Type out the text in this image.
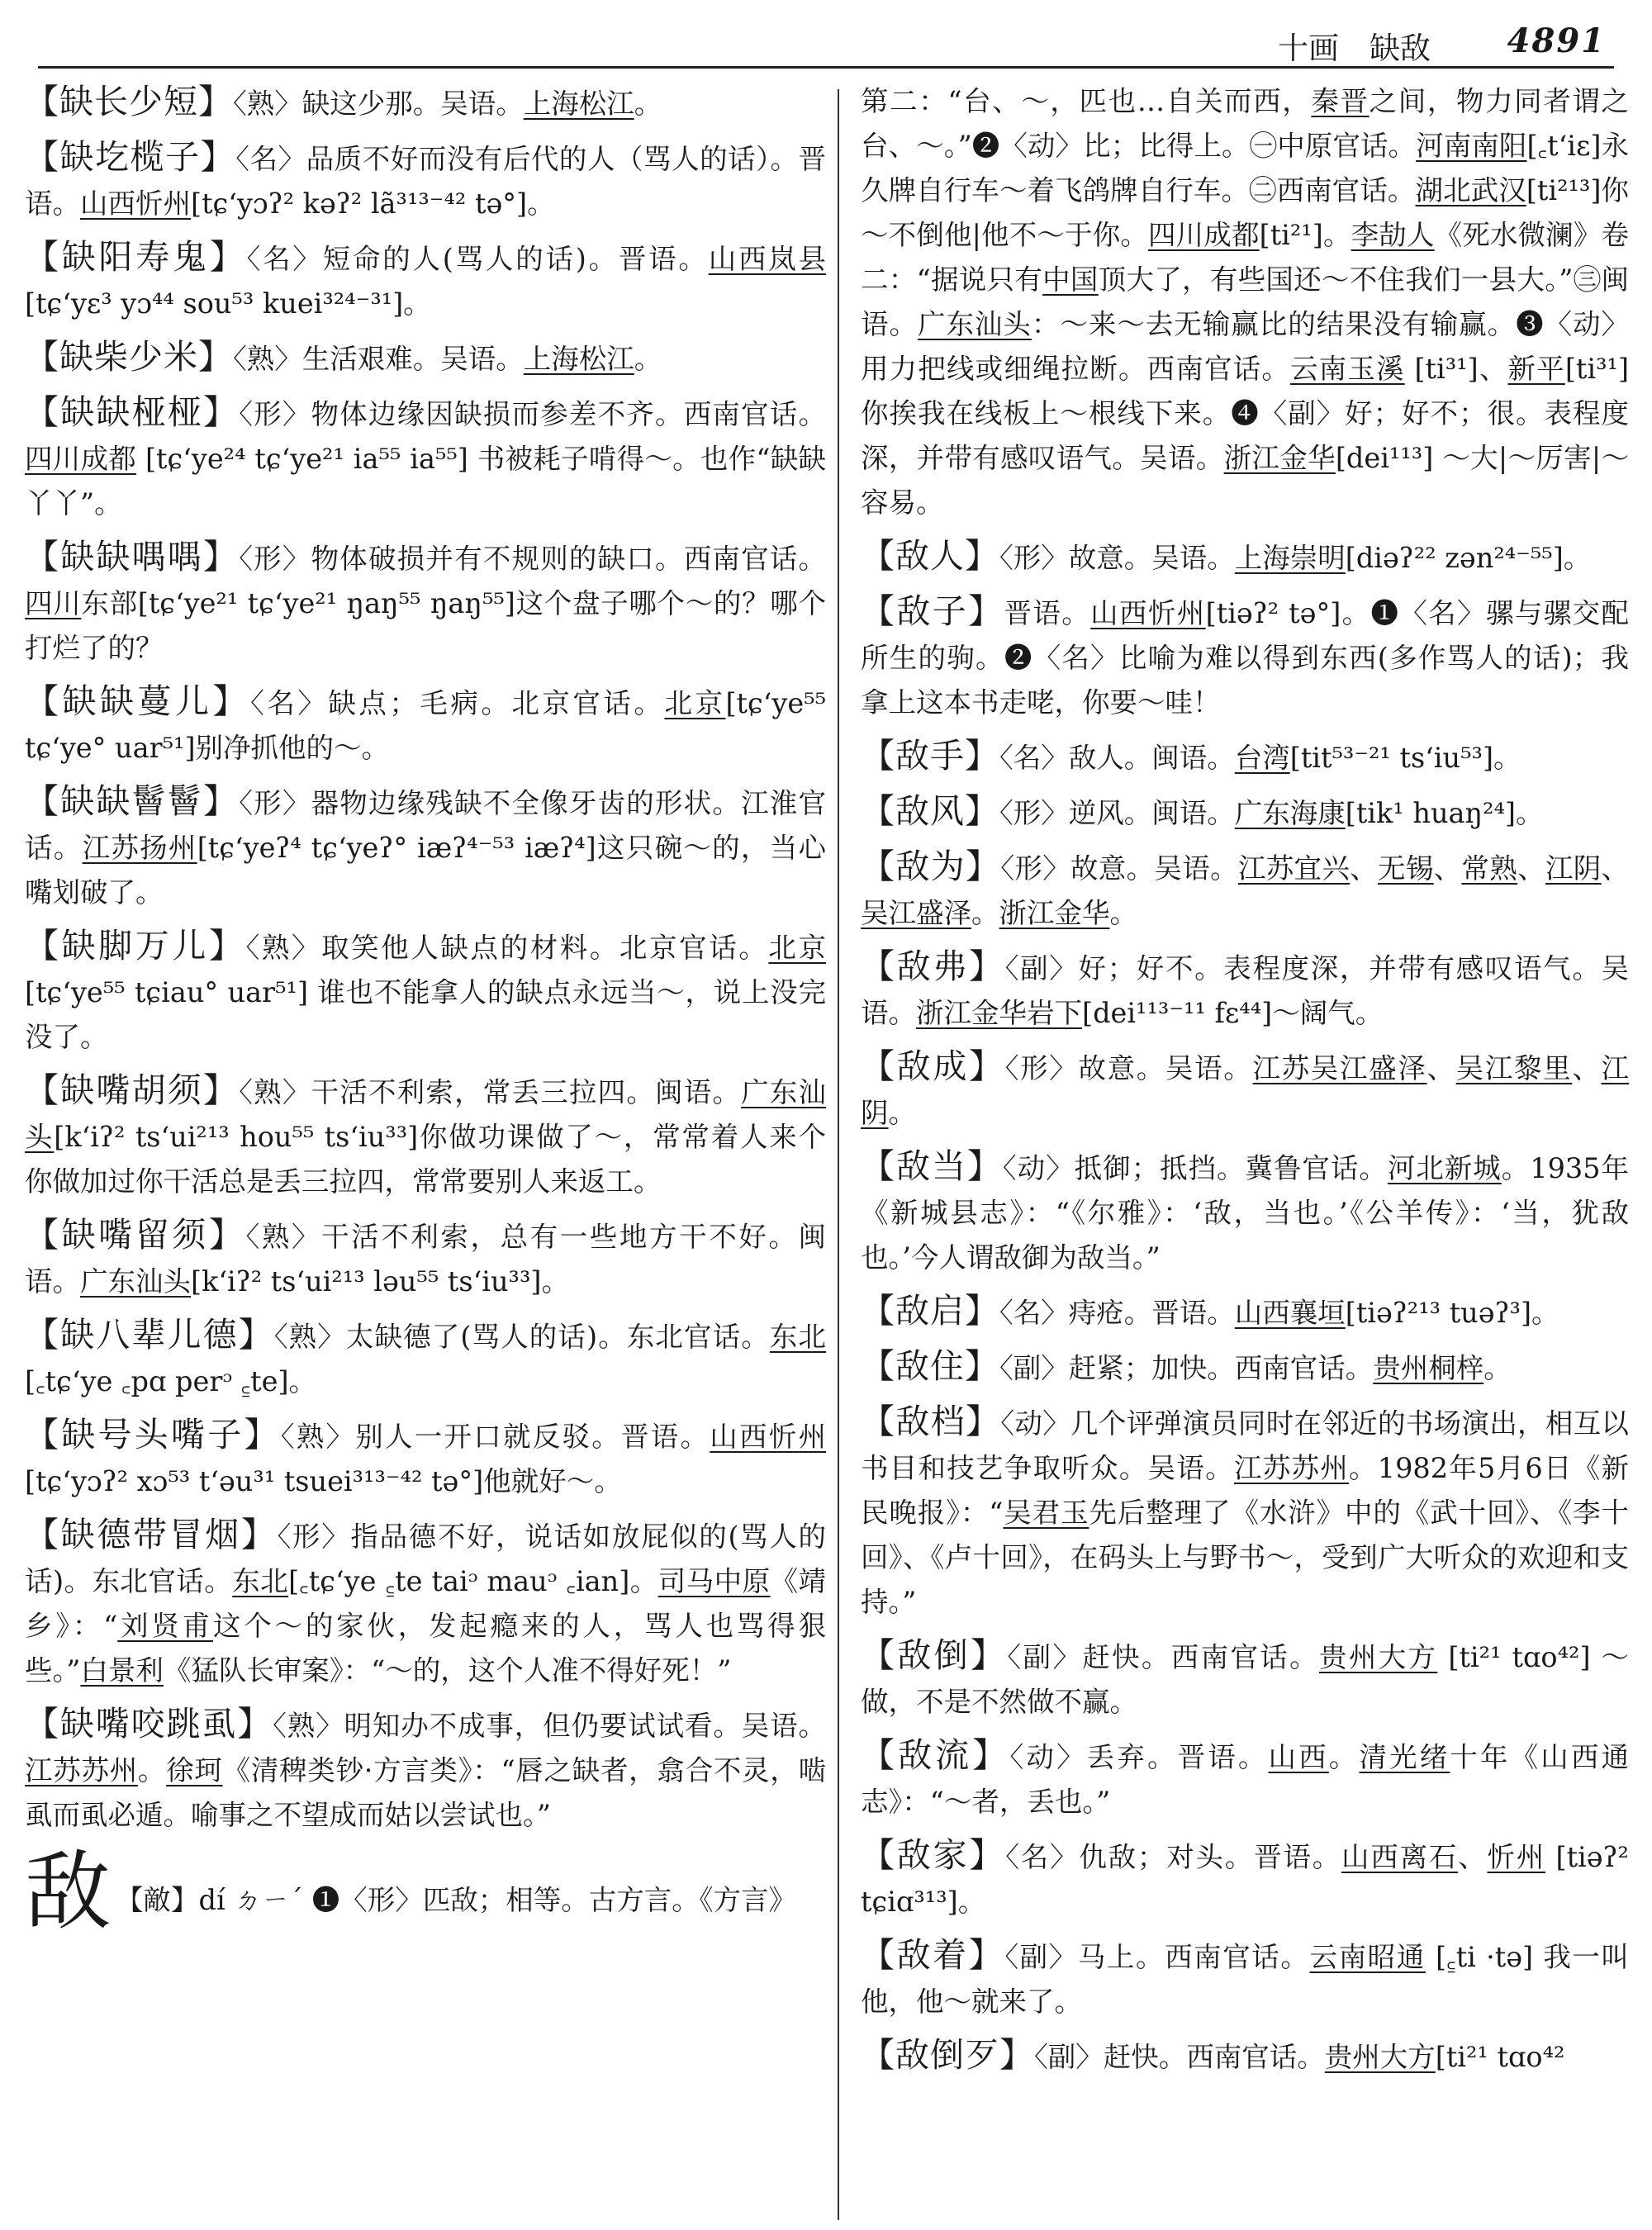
十画　缺敌 4891
【缺长少短】〈熟〉缺这少那。吴语。上海松江。
【缺圪榄子】〈名〉品质不好而没有后代的人（骂人的话）。晋语。山西忻州[tɕʻyɔʔ² kəʔ² lã³¹³⁻⁴² tə°]。
【缺阳寿鬼】〈名〉短命的人(骂人的话)。晋语。山西岚县[tɕʻyɛ³ yɔ⁴⁴ sou⁵³ kuei³²⁴⁻³¹]。
【缺柴少米】〈熟〉生活艰难。吴语。上海松江。
【缺缺桠桠】〈形〉物体边缘因缺损而参差不齐。西南官话。四川成都 [tɕʻye²⁴ tɕʻye²¹ ia⁵⁵ ia⁵⁵] 书被耗子啃得～。也作“缺缺丫丫”。
【缺缺喁喁】〈形〉物体破损并有不规则的缺口。西南官话。四川东部[tɕʻye²¹ tɕʻye²¹ ŋaŋ⁵⁵ ŋaŋ⁵⁵]这个盘子哪个～的？哪个打烂了的？
【缺缺蔓儿】〈名〉缺点；毛病。北京官话。北京[tɕʻye⁵⁵ tɕʻye° uar⁵¹]别净抓他的～。
【缺缺鬙鬙】〈形〉器物边缘残缺不全像牙齿的形状。江淮官话。江苏扬州[tɕʻyeʔ⁴ tɕʻyeʔ° iæʔ⁴⁻⁵³ iæʔ⁴]这只碗～的，当心嘴划破了。
【缺脚万儿】〈熟〉取笑他人缺点的材料。北京官话。北京 [tɕʻye⁵⁵ tɕiau° uar⁵¹] 谁也不能拿人的缺点永远当～，说上没完没了。
【缺嘴胡须】〈熟〉干活不利索，常丢三拉四。闽语。广东汕头[kʻiʔ² tsʻui²¹³ hou⁵⁵ tsʻiu³³]你做功课做了～，常常着人来个你做加过你干活总是丢三拉四，常常要别人来返工。
【缺嘴留须】〈熟〉干活不利索，总有一些地方干不好。闽语。广东汕头[kʻiʔ² tsʻui²¹³ ləu⁵⁵ tsʻiu³³]。
【缺八辈儿德】〈熟〉太缺德了(骂人的话)。东北官话。东北[꜀tɕʻye ꜀pɑ perᵓ ꜁te]。
【缺号头嘴子】〈熟〉别人一开口就反驳。晋语。山西忻州[tɕʻyɔʔ² xɔ⁵³ tʻəu³¹ tsuei³¹³⁻⁴² tə°]他就好～。
【缺德带冒烟】〈形〉指品德不好，说话如放屁似的(骂人的话)。东北官话。东北[꜀tɕʻye ꜁te taiᵓ mauᵓ ꜀ian]。司马中原《靖乡》：“刘贤甫这个～的家伙，发起瘾来的人，骂人也骂得狠些。”白景利《猛队长审案》：“～的，这个人准不得好死！”
【缺嘴咬跳虱】〈熟〉明知办不成事，但仍要试试看。吴语。江苏苏州。徐珂《清稗类钞·方言类》：“唇之缺者，翕合不灵，啮虱而虱必遁。喻事之不望成而姑以尝试也。”
敌 【敵】dí ㄉㄧˊ ❶〈形〉匹敌；相等。古方言。《方言》
第二：“台、～，匹也…自关而西，秦晋之间，物力同者谓之台、～。”❷〈动〉比；比得上。㊀中原官话。河南南阳[꜀tʻiɛ]永久牌自行车～着飞鸽牌自行车。㊁西南官话。湖北武汉[ti²¹³]你～不倒他|他不～于你。四川成都[ti²¹]。李劼人《死水微澜》卷二：“据说只有中国顶大了，有些国还～不住我们一县大。”㊂闽语。广东汕头：～来～去无输赢比的结果没有输赢。❸〈动〉用力把线或细绳拉断。西南官话。云南玉溪 [ti³¹]、新平[ti³¹]你挨我在线板上～根线下来。❹〈副〉好；好不；很。表程度深，并带有感叹语气。吴语。浙江金华[dei¹¹³] ～大|～厉害|～容易。
【敌人】〈形〉故意。吴语。上海崇明[diəʔ²² zən²⁴⁻⁵⁵]。
【敌子】晋语。山西忻州[tiəʔ² tə°]。❶〈名〉骡与骡交配所生的驹。❷〈名〉比喻为难以得到东西(多作骂人的话)；我拿上这本书走咾，你要～哇！
【敌手】〈名〉敌人。闽语。台湾[tit⁵³⁻²¹ tsʻiu⁵³]。
【敌风】〈形〉逆风。闽语。广东海康[tik¹ huaŋ²⁴]。
【敌为】〈形〉故意。吴语。江苏宜兴、无锡、常熟、江阴、吴江盛泽。浙江金华。
【敌弗】〈副〉好；好不。表程度深，并带有感叹语气。吴语。浙江金华岩下[dei¹¹³⁻¹¹ fɛ⁴⁴]～阔气。
【敌成】〈形〉故意。吴语。江苏吴江盛泽、吴江黎里、江阴。
【敌当】〈动〉抵御；抵挡。冀鲁官话。河北新城。1935年《新城县志》：“《尔雅》：‘敌，当也。’《公羊传》：‘当，犹敌也。’今人谓敌御为敌当。”
【敌启】〈名〉痔疮。晋语。山西襄垣[tiəʔ²¹³ tuəʔ³]。
【敌住】〈副〉赶紧；加快。西南官话。贵州桐梓。
【敌档】〈动〉几个评弹演员同时在邻近的书场演出，相互以书目和技艺争取听众。吴语。江苏苏州。1982年5月6日《新民晚报》：“吴君玉先后整理了《水浒》中的《武十回》、《李十回》、《卢十回》，在码头上与野书～，受到广大听众的欢迎和支持。”
【敌倒】〈副〉赶快。西南官话。贵州大方 [ti²¹ tɑo⁴²] ～做，不是不然做不赢。
【敌流】〈动〉丢弃。晋语。山西。清光绪十年《山西通志》：“～者，丢也。”
【敌家】〈名〉仇敌；对头。晋语。山西离石、忻州 [tiəʔ² tɕiɑ³¹³]。
【敌着】〈副〉马上。西南官话。云南昭通 [꜁ti ·tə] 我一叫他，他～就来了。
【敌倒歹】〈副〉赶快。西南官话。贵州大方[ti²¹ tɑo⁴²
